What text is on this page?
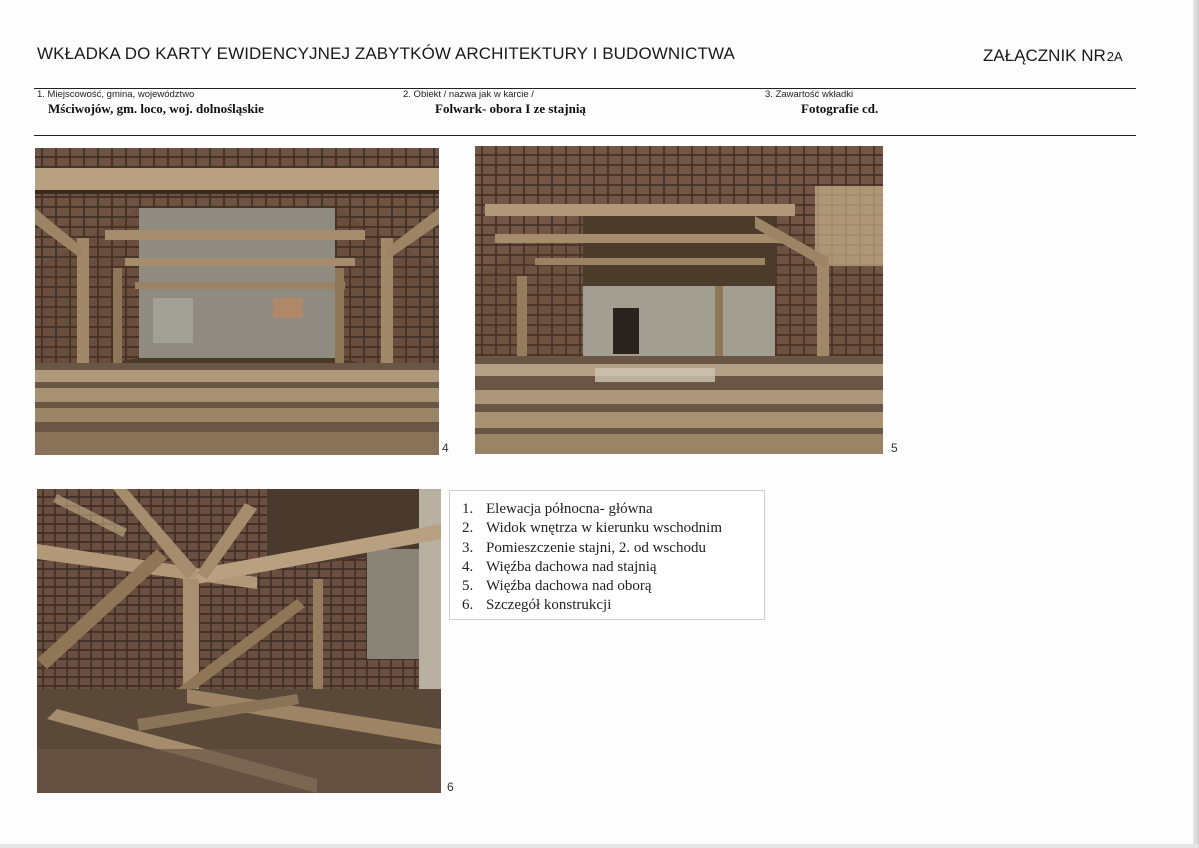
WKŁADKA DO KARTY EWIDENCYJNEJ ZABYTKÓW ARCHITEKTURY I BUDOWNICTWA	ZAŁĄCZNIK NR2A
1. Miejscowość, gmina, województwo
Mściwojów, gm. loco, woj. dolnośląskie
2. Obiekt / nazwa jak w karcie /
Folwark- obora I ze stajnią
3. Zawartość wkładki
Fotografie cd.
4	5
6
1. Elewacja północna- główna
2. Widok wnętrza w kierunku wschodnim
3. Pomieszczenie stajni, 2. od wschodu
4. Więźba dachowa nad stajnią
5. Więźba dachowa nad oborą
6. Szczegół konstrukcji
